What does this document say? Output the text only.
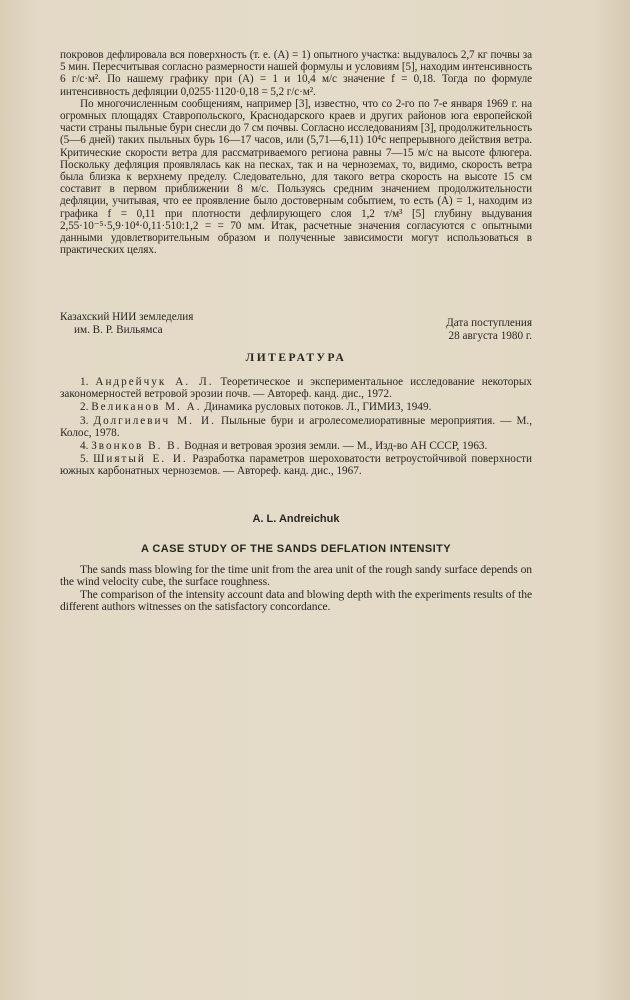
покровов дефлировала вся поверхность (т. е. (A) = 1) опытного участка: выдувалось 2,7 кг почвы за 5 мин. Пересчитывая согласно размерности нашей формулы и условиям [5], находим интенсивность 6 г/с·м². По нашему графику при (A) = 1 и 10,4 м/с значение f = 0,18. Тогда по формуле интенсивность дефляции 0,0255·1120·0,18 = 5,2 г/с·м².

По многочисленным сообщениям, например [3], известно, что со 2-го по 7-е января 1969 г. на огромных площадях Ставропольского, Краснодарского краев и других районов юга европейской части страны пыльные бури снесли до 7 см почвы. Согласно исследованиям [3], продолжительность (5—6 дней) таких пыльных бурь 16—17 часов, или (5,71—6,11) 10⁴с непрерывного действия ветра. Критические скорости ветра для рассматриваемого региона равны 7—15 м/с на высоте флюгера. Поскольку дефляция проявлялась как на песках, так и на черноземах, то, видимо, скорость ветра была близка к верхнему пределу. Следовательно, для такого ветра скорость на высоте 15 см составит в первом приближении 8 м/с. Пользуясь средним значением продолжительности дефляции, учитывая, что ее проявление было достоверным событием, то есть (A) = 1, находим из графика f = 0,11 при плотности дефлирующего слоя 1,2 т/м³ [5] глубину выдувания 2,55·10⁻⁵·5,9·10⁴·0,11·510:1,2 = = 70 мм. Итак, расчетные значения согласуются с опытными данными удовлетворительным образом и полученные зависимости могут использоваться в практических целях.

Казахский НИИ земледелия
им. В. Р. Вильямса
Дата поступления
28 августа 1980 г.
ЛИТЕРАТУРА

1. Андрейчук А. Л. Теоретическое и экспериментальное исследование некоторых закономерностей ветровой эрозии почв. — Автореф. канд. дис., 1972.

2. Великанов М. А. Динамика русловых потоков. Л., ГИМИЗ, 1949.

3. Долгилевич М. И. Пыльные бури и агролесомелиоративные мероприятия. — М., Колос, 1978.

4. Звонков В. В. Водная и ветровая эрозия земли. — М., Изд-во АН СССР, 1963.

5. Шиятый Е. И. Разработка параметров шероховатости ветроустойчивой поверхности южных карбонатных черноземов. — Автореф. канд. дис., 1967.

A. L. Andreichuk
A CASE STUDY OF THE SANDS DEFLATION INTENSITY

The sands mass blowing for the time unit from the area unit of the rough sandy surface depends on the wind velocity cube, the surface roughness.

The comparison of the intensity account data and blowing depth with the experiments results of the different authors witnesses on the satisfactory concordance.
